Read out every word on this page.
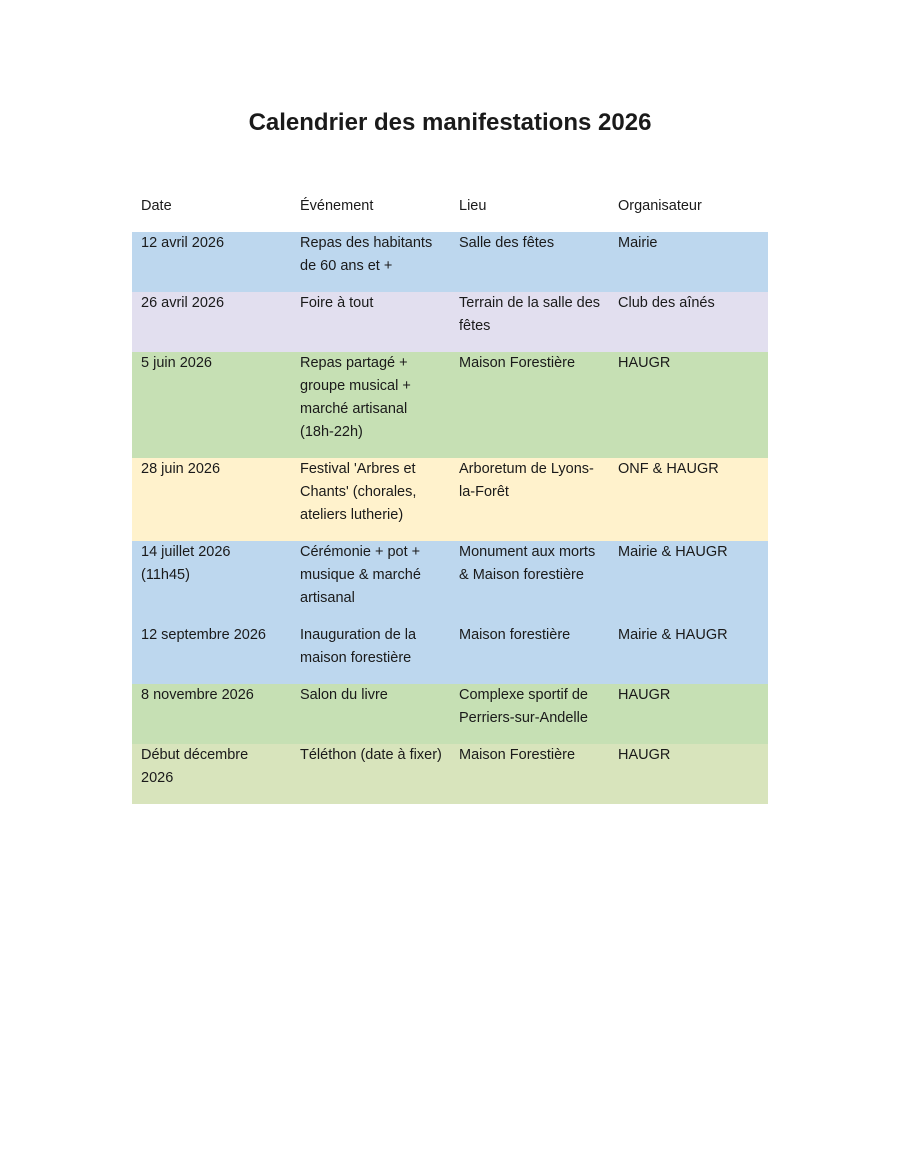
Calendrier des manifestations 2026
Date	Événement	Lieu	Organisateur
12 avril 2026	Repas des habitants de 60 ans et +	Salle des fêtes	Mairie
26 avril 2026	Foire à tout	Terrain de la salle des fêtes	Club des aînés
5 juin 2026	Repas partagé + groupe musical + marché artisanal (18h-22h)	Maison Forestière	HAUGR
28 juin 2026	Festival 'Arbres et Chants' (chorales, ateliers lutherie)	Arboretum de Lyons-la-Forêt	ONF & HAUGR
14 juillet 2026 (11h45)	Cérémonie + pot + musique & marché artisanal	Monument aux morts & Maison forestière	Mairie & HAUGR
12 septembre 2026	Inauguration de la maison forestière	Maison forestière	Mairie & HAUGR
8 novembre 2026	Salon du livre	Complexe sportif de Perriers-sur-Andelle	HAUGR
Début décembre 2026	Téléthon (date à fixer)	Maison Forestière	HAUGR
